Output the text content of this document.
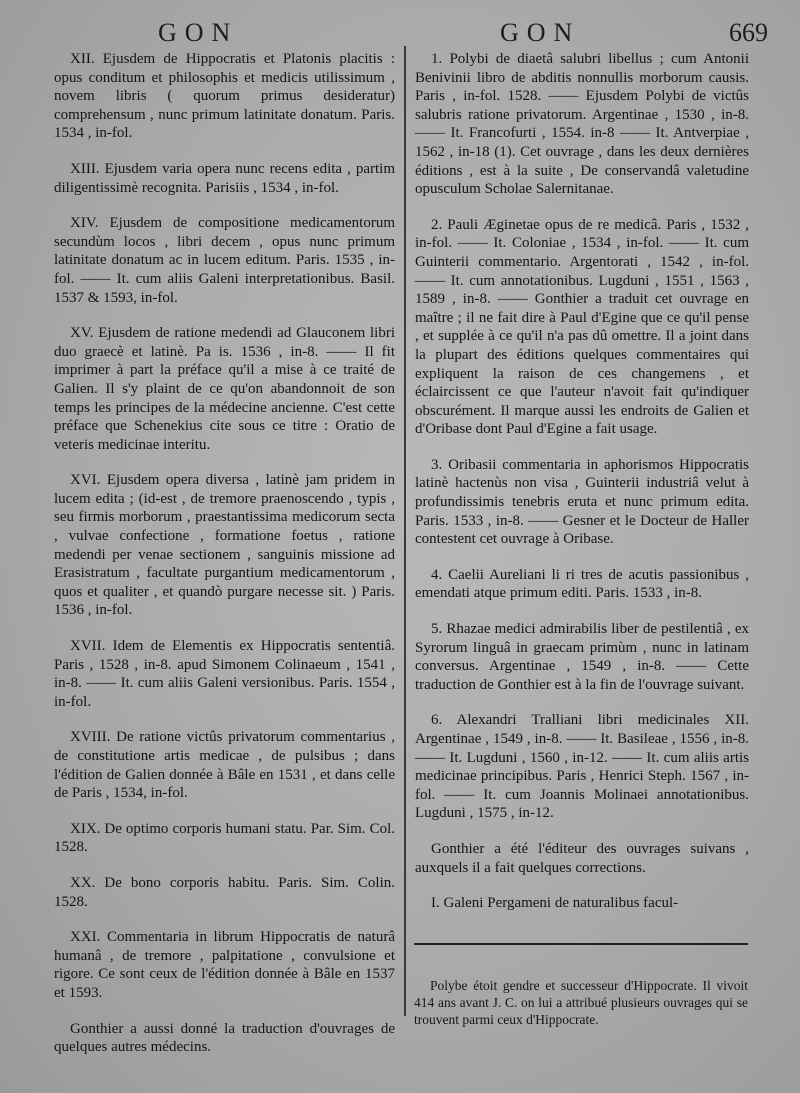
GON	GON	669

XII. Ejusdem de Hippocratis et Platonis placitis : opus conditum et philosophis et medicis utilissimum , novem libris ( quorum primus desideratur) comprehensum , nunc primum latinitate donatum. Paris. 1534 , in-fol.

XIII. Ejusdem varia opera nunc recens edita , partim diligentissimè recognita. Parisiis , 1534 , in-fol.

XIV. Ejusdem de compositione medicamentorum secundùm locos , libri decem , opus nunc primum latinitate donatum ac in lucem editum. Paris. 1535 , in-fol. —— It. cum aliis Galeni interpretationibus. Basil. 1537 & 1593, in-fol.

XV. Ejusdem de ratione medendi ad Glauconem libri duo graecè et latinè. Pa is. 1536 , in-8. —— Il fit imprimer à part la préface qu'il a mise à ce traité de Galien. Il s'y plaint de ce qu'on abandonnoit de son temps les principes de la médecine ancienne. C'est cette préface que Schenekius cite sous ce titre : Oratio de veteris medicinae interitu.

XVI. Ejusdem opera diversa , latinè jam pridem in lucem edita ; (id-est , de tremore praenoscendo , typis , seu firmis morborum , praestantissima medicorum secta , vulvae confectione , formatione foetus , ratione medendi per venae sectionem , sanguinis missione ad Erasistratum , facultate purgantium medicamentorum , quos et qualiter , et quandò purgare necesse sit. ) Paris. 1536 , in-fol.

XVII. Idem de Elementis ex Hippocratis sententiâ. Paris , 1528 , in-8. apud Simonem Colinaeum , 1541 , in-8. —— It. cum aliis Galeni versionibus. Paris. 1554 , in-fol.

XVIII. De ratione victûs privatorum commentarius , de constitutione artis medicae , de pulsibus ; dans l'édition de Galien donnée à Bâle en 1531 , et dans celle de Paris , 1534, in-fol.

XIX. De optimo corporis humani statu. Par. Sim. Col. 1528.

XX. De bono corporis habitu. Paris. Sim. Colin. 1528.

XXI. Commentaria in librum Hippocratis de naturâ humanâ , de tremore , palpitatione , convulsione et rigore. Ce sont ceux de l'édition donnée à Bâle en 1537 et 1593.

Gonthier a aussi donné la traduction d'ouvrages de quelques autres médecins.

1. Polybi de diaetâ salubri libellus ; cum Antonii Benivinii libro de abditis nonnullis morborum causis. Paris , in-fol. 1528. —— Ejusdem Polybi de victûs salubris ratione privatorum. Argentinae , 1530 , in-8. —— It. Francofurti , 1554. in-8 —— It. Antverpiae , 1562 , in-18 (1). Cet ouvrage , dans les deux dernières éditions , est à la suite , De conservandâ valetudine opusculum Scholae Salernitanae.

2. Pauli Æginetae opus de re medicâ. Paris , 1532 , in-fol. —— It. Coloniae , 1534 , in-fol. —— It. cum Guinterii commentario. Argentorati , 1542 , in-fol. —— It. cum annotationibus. Lugduni , 1551 , 1563 , 1589 , in-8. —— Gonthier a traduit cet ouvrage en maître ; il ne fait dire à Paul d'Egine que ce qu'il pense , et supplée à ce qu'il n'a pas dû omettre. Il a joint dans la plupart des éditions quelques commentaires qui expliquent la raison de ces changemens , et éclaircissent ce que l'auteur n'avoit fait qu'indiquer obscurément. Il marque aussi les endroits de Galien et d'Oribase dont Paul d'Egine a fait usage.

3. Oribasii commentaria in aphorismos Hippocratis latinè hactenùs non visa , Guinterii industriâ velut à profundissimis tenebris eruta et nunc primum edita. Paris. 1533 , in-8. —— Gesner et le Docteur de Haller contestent cet ouvrage à Oribase.

4. Caelii Aureliani li ri tres de acutis passionibus , emendati atque primum editi. Paris. 1533 , in-8.

5. Rhazae medici admirabilis liber de pestilentiâ , ex Syrorum linguâ in graecam primùm , nunc in latinam conversus. Argentinae , 1549 , in-8. —— Cette traduction de Gonthier est à la fin de l'ouvrage suivant.

6. Alexandri Tralliani libri medicinales XII. Argentinae , 1549 , in-8. —— It. Basileae , 1556 , in-8. —— It. Lugduni , 1560 , in-12. —— It. cum aliis artis medicinae principibus. Paris , Henrici Steph. 1567 , in-fol. —— It. cum Joannis Molinaei annotationibus. Lugduni , 1575 , in-12.

Gonthier a été l'éditeur des ouvrages suivans , auxquels il a fait quelques corrections.

I. Galeni Pergameni de naturalibus facul-

Polybe étoit gendre et successeur d'Hippocrate. Il vivoit 414 ans avant J. C. on lui a attribué plusieurs ouvrages qui se trouvent parmi ceux d'Hippocrate.
